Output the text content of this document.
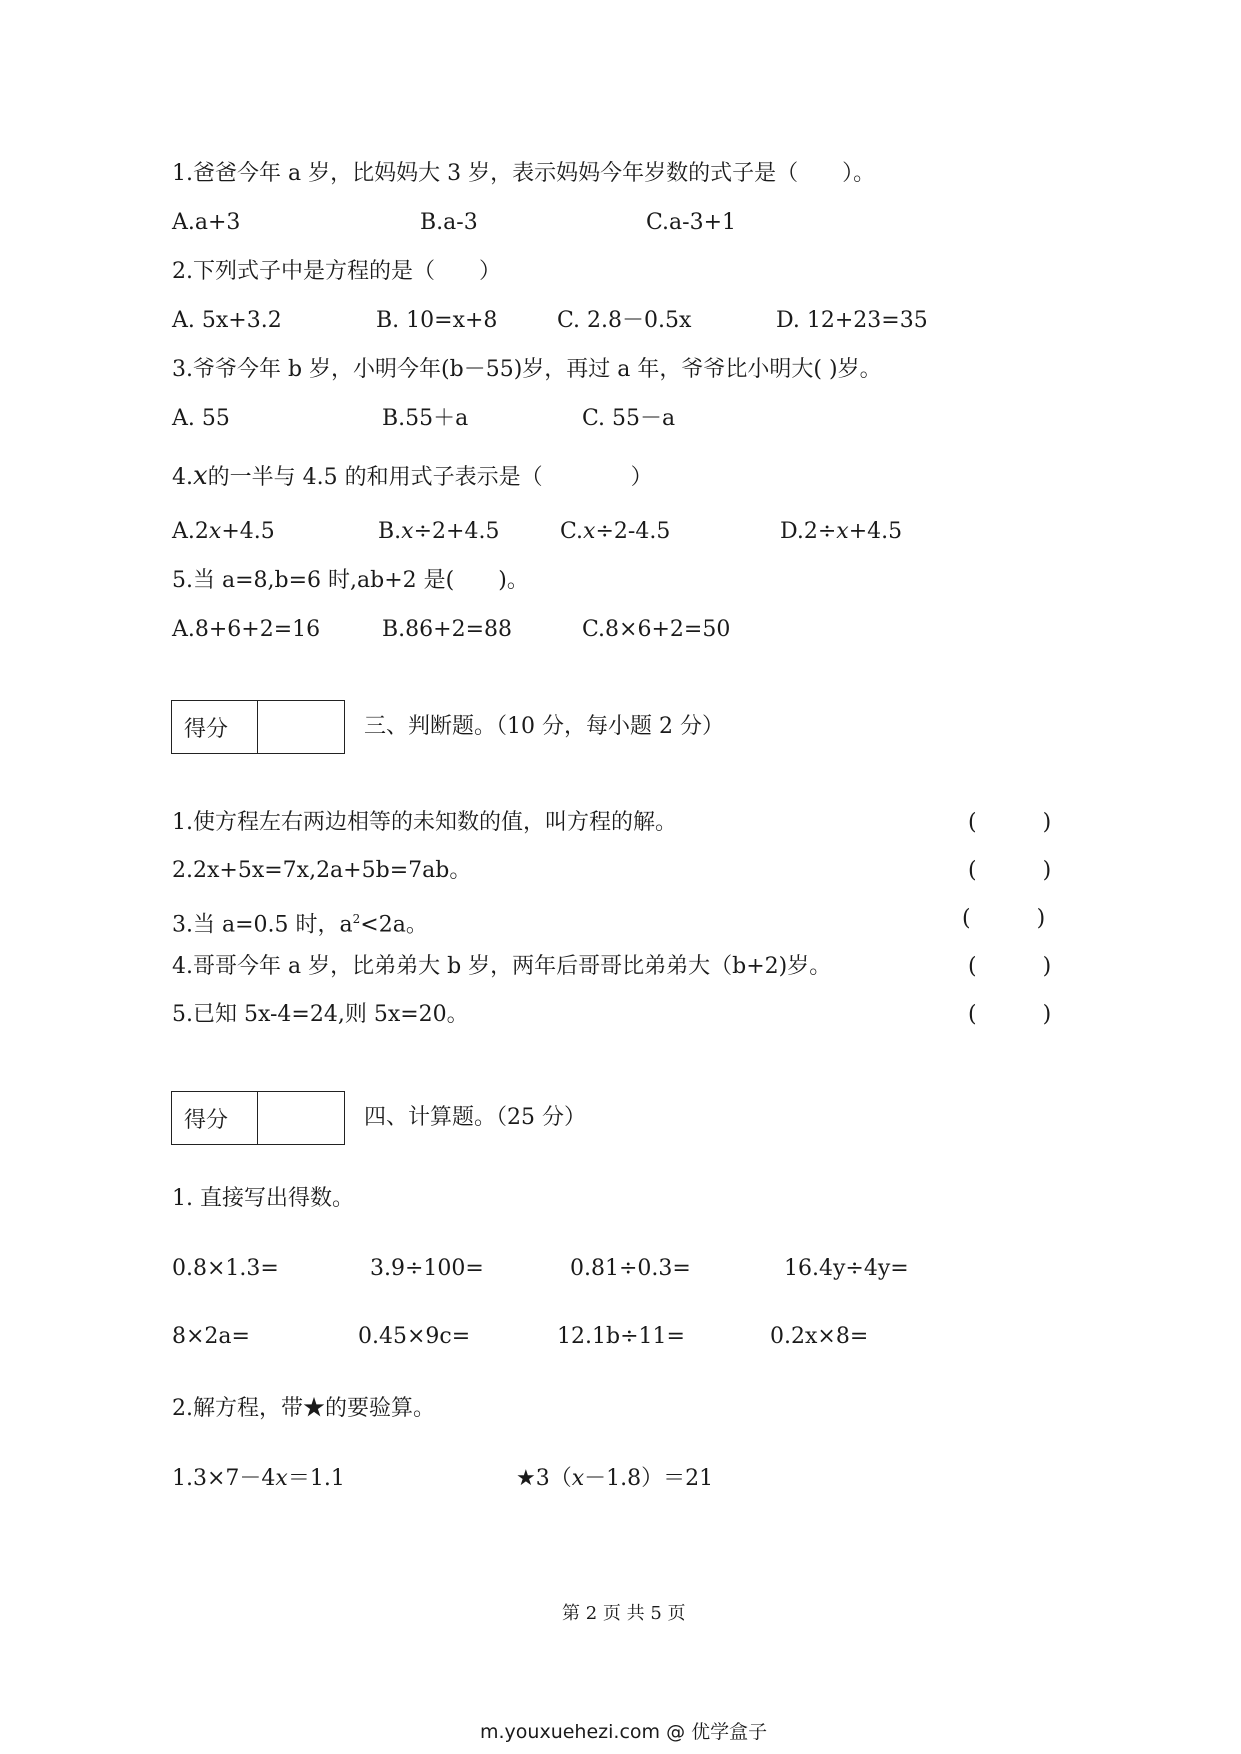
1.爸爸今年 a 岁，比妈妈大 3 岁，表示妈妈今年岁数的式子是（　　）。
A.a+3	B.a-3	C.a-3+1
2.下列式子中是方程的是（　　）
A. 5x+3.2	B. 10=x+8	C. 2.8－0.5x	D. 12+23=35
3.爷爷今年 b 岁，小明今年(b－55)岁，再过 a 年，爷爷比小明大( )岁。
A. 55	B.55＋a	C. 55－a
4.x的一半与 4.5 的和用式子表示是（　　　　）
A.2x+4.5	B.x÷2+4.5	C.x÷2-4.5	D.2÷x+4.5
5.当 a=8,b=6 时,ab+2 是(　　)。
A.8+6+2=16	B.86+2=88	C.8×6+2=50
得分	三、判断题。（10 分，每小题 2 分）
1.使方程左右两边相等的未知数的值，叫方程的解。	(　　　)
2.2x+5x=7x,2a+5b=7ab。	(　　　)
3.当 a=0.5 时，$a^2<2a$。	(　　　)
4.哥哥今年 a 岁，比弟弟大 b 岁，两年后哥哥比弟弟大（b+2)岁。	(　　　)
5.已知 5x-4=24,则 5x=20。	(　　　)
得分	四、计算题。（25 分）
1. 直接写出得数。
0.8×1.3=	3.9÷100=	0.81÷0.3=	16.4y÷4y=
8×2a=	0.45×9c=	12.1b÷11=	0.2x×8=
2.解方程，带★的要验算。
1.3×7－4x＝1.1	★3（x－1.8）＝21
第 2 页 共 5 页
m.youxuehezi.com @ 优学盒子
